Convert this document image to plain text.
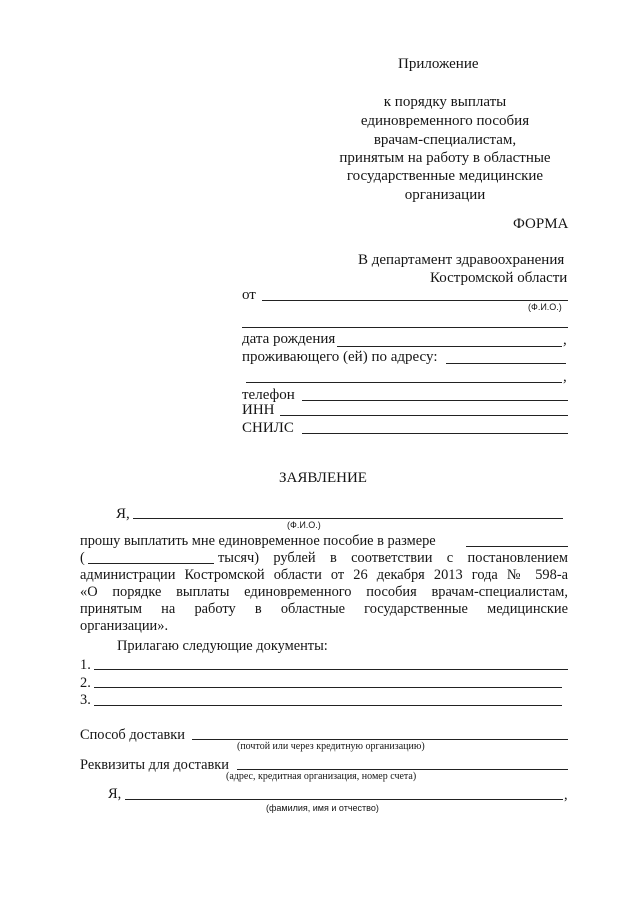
Приложение
к порядку выплаты
единовременного пособия
врачам-специалистам,
принятым на работу в областные
государственные медицинские
организации
ФОРМА
В департамент здравоохранения
Костромской области
от
(Ф.И.О.)
дата рождения	,
проживающего (ей) по адресу:
,
телефон
ИНН
СНИЛС
ЗАЯВЛЕНИЕ
Я,
(Ф.И.О.)
прошу выплатить мне единовременное пособие в размере
(	тысяч) рублей в соответствии с постановлением
администрации Костромской области от 26 декабря 2013 года № 598-а
«О порядке выплаты единовременного пособия врачам-специалистам,
принятым на работу в областные государственные медицинские
организации».
Прилагаю следующие документы:
1.
2.
3.
Способ доставки
(почтой или через кредитную организацию)
Реквизиты для доставки
(адрес, кредитная организация, номер счета)
Я,	,
(фамилия, имя и отчество)
